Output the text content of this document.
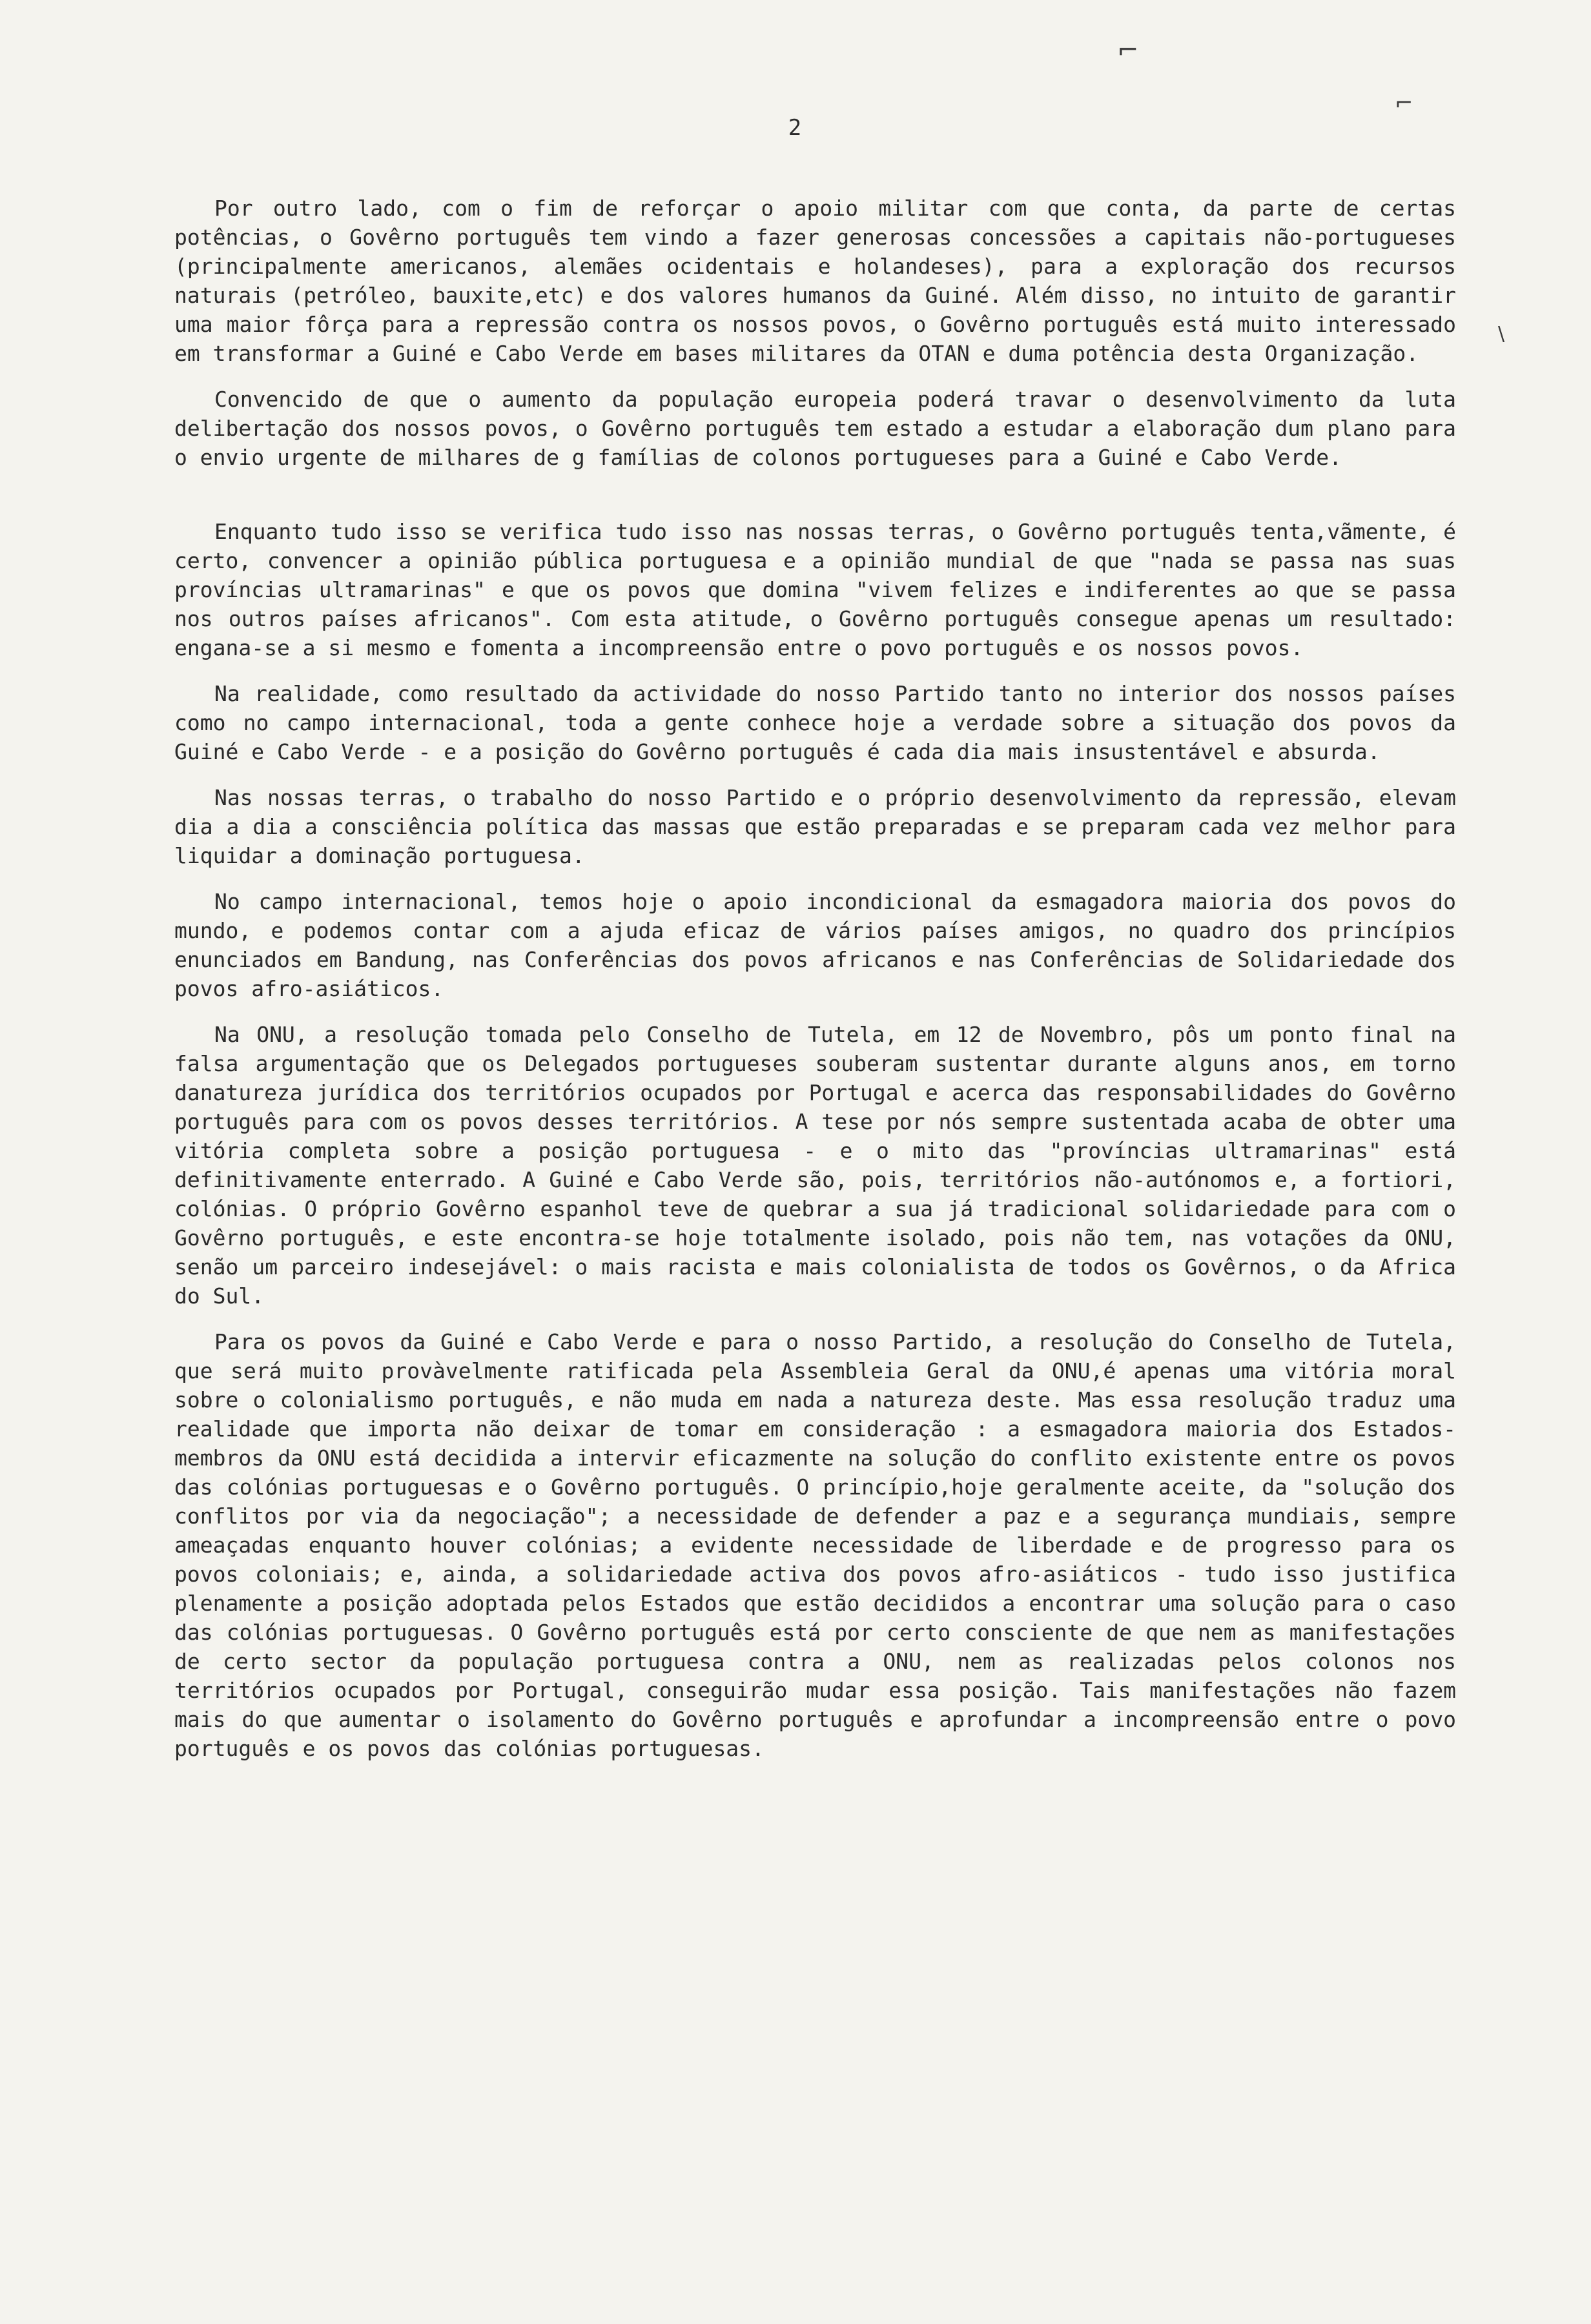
2
⌐
⌐
\

Por outro lado, com o fim de reforçar o apoio militar com que conta, da parte de certas potências, o Govêrno português tem vindo a fazer generosas concessões a capitais não-portugueses (principalmente americanos, alemães ocidentais e holandeses), para a exploração dos recursos naturais (petróleo, bauxite,etc) e dos valores humanos da Guiné. Além disso, no intuito de garantir uma maior fôrça para a repressão contra os nossos povos, o Govêrno português está muito interessado em transformar a Guiné e Cabo Verde em bases militares da OTAN e duma potência desta Organização.

Convencido de que o aumento da população europeia poderá travar o desenvolvimento da luta delibertação dos nossos povos, o Govêrno português tem estado a estudar a elaboração dum plano para o envio urgente de milhares de g famílias de colonos portugueses para a Guiné e Cabo Verde.

Enquanto tudo isso se verifica tudo isso nas nossas terras, o Govêrno português tenta,vãmente, é certo, convencer a opinião pública portuguesa e a opinião mundial de que "nada se passa nas suas províncias ultramarinas" e que os povos que domina "vivem felizes e indiferentes ao que se passa nos outros países africanos". Com esta atitude, o Govêrno português consegue apenas um resultado: engana-se a si mesmo e fomenta a incompreensão entre o povo português e os nossos povos.

Na realidade, como resultado da actividade do nosso Partido tanto no interior dos nossos países como no campo internacional, toda a gente conhece hoje a verdade sobre a situação dos povos da Guiné e Cabo Verde - e a posição do Govêrno português é cada dia mais insustentável e absurda.

Nas nossas terras, o trabalho do nosso Partido e o próprio desenvolvimento da repressão, elevam dia a dia a consciência política das massas que estão preparadas e se preparam cada vez melhor para liquidar a dominação portuguesa.

No campo internacional, temos hoje o apoio incondicional da esmagadora maioria dos povos do mundo, e podemos contar com a ajuda eficaz de vários países amigos, no quadro dos princípios enunciados em Bandung, nas Conferências dos povos africanos e nas Conferências de Solidariedade dos povos afro-asiáticos.

Na ONU, a resolução tomada pelo Conselho de Tutela, em 12 de Novembro, pôs um ponto final na falsa argumentação que os Delegados portugueses souberam sustentar durante alguns anos, em torno danatureza jurídica dos territórios ocupados por Portugal e acerca das responsabilidades do Govêrno português para com os povos desses territórios. A tese por nós sempre sustentada acaba de obter uma vitória completa sobre a posição portuguesa - e o mito das "províncias ultramarinas" está definitivamente enterrado. A Guiné e Cabo Verde são, pois, territórios não-autónomos e, a fortiori, colónias. O próprio Govêrno espanhol teve de quebrar a sua já tradicional solidariedade para com o Govêrno português, e este encontra-se hoje totalmente isolado, pois não tem, nas votações da ONU, senão um parceiro indesejável: o mais racista e mais colonialista de todos os Govêrnos, o da Africa do Sul.

Para os povos da Guiné e Cabo Verde e para o nosso Partido, a resolução do Conselho de Tutela, que será muito provàvelmente ratificada pela Assembleia Geral da ONU,é apenas uma vitória moral sobre o colonialismo português, e não muda em nada a natureza deste. Mas essa resolução traduz uma realidade que importa não deixar de tomar em consideração : a esmagadora maioria dos Estados-membros da ONU está decidida a intervir eficazmente na solução do conflito existente entre os povos das colónias portuguesas e o Govêrno português. O princípio,hoje geralmente aceite, da "solução dos conflitos por via da negociação"; a necessidade de defender a paz e a segurança mundiais, sempre ameaçadas enquanto houver colónias; a evidente necessidade de liberdade e de progresso para os povos coloniais; e, ainda, a solidariedade activa dos povos afro-asiáticos - tudo isso justifica plenamente a posição adoptada pelos Estados que estão decididos a encontrar uma solução para o caso das colónias portuguesas. O Govêrno português está por certo consciente de que nem as manifestações de certo sector da população portuguesa contra a ONU, nem as realizadas pelos colonos nos territórios ocupados por Portugal, conseguirão mudar essa posição. Tais manifestações não fazem mais do que aumentar o isolamento do Govêrno português e aprofundar a incompreensão entre o povo português e os povos das colónias portuguesas.
